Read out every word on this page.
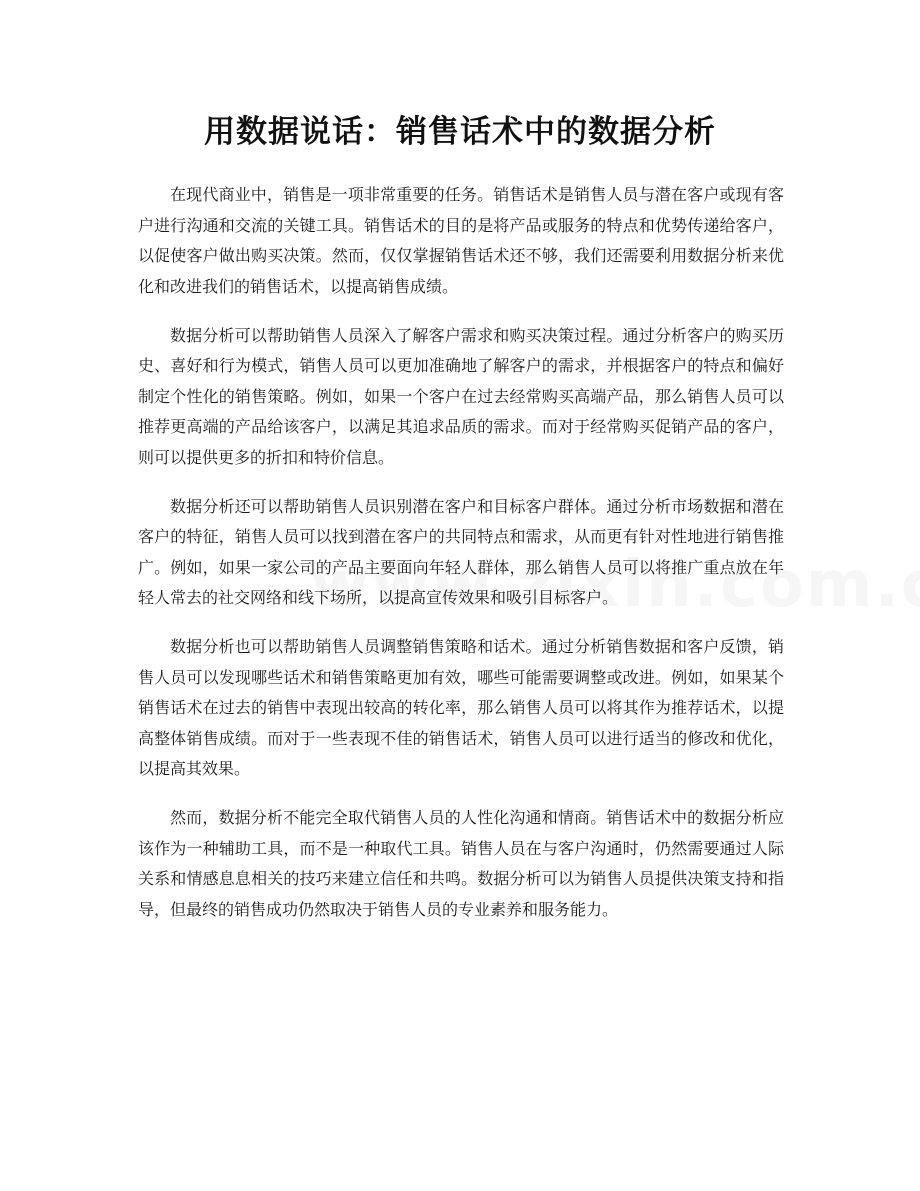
用数据说话：销售话术中的数据分析

在现代商业中，销售是一项非常重要的任务。销售话术是销售人员与潜在客户或现有客户进行沟通和交流的关键工具。销售话术的目的是将产品或服务的特点和优势传递给客户，以促使客户做出购买决策。然而，仅仅掌握销售话术还不够，我们还需要利用数据分析来优化和改进我们的销售话术，以提高销售成绩。

数据分析可以帮助销售人员深入了解客户需求和购买决策过程。通过分析客户的购买历史、喜好和行为模式，销售人员可以更加准确地了解客户的需求，并根据客户的特点和偏好制定个性化的销售策略。例如，如果一个客户在过去经常购买高端产品，那么销售人员可以推荐更高端的产品给该客户，以满足其追求品质的需求。而对于经常购买促销产品的客户，则可以提供更多的折扣和特价信息。

数据分析还可以帮助销售人员识别潜在客户和目标客户群体。通过分析市场数据和潜在客户的特征，销售人员可以找到潜在客户的共同特点和需求，从而更有针对性地进行销售推广。例如，如果一家公司的产品主要面向年轻人群体，那么销售人员可以将推广重点放在年轻人常去的社交网络和线下场所，以提高宣传效果和吸引目标客户。

数据分析也可以帮助销售人员调整销售策略和话术。通过分析销售数据和客户反馈，销售人员可以发现哪些话术和销售策略更加有效，哪些可能需要调整或改进。例如，如果某个销售话术在过去的销售中表现出较高的转化率，那么销售人员可以将其作为推荐话术，以提高整体销售成绩。而对于一些表现不佳的销售话术，销售人员可以进行适当的修改和优化，以提高其效果。

然而，数据分析不能完全取代销售人员的人性化沟通和情商。销售话术中的数据分析应该作为一种辅助工具，而不是一种取代工具。销售人员在与客户沟通时，仍然需要通过人际关系和情感息息相关的技巧来建立信任和共鸣。数据分析可以为销售人员提供决策支持和指导，但最终的销售成功仍然取决于销售人员的专业素养和服务能力。
